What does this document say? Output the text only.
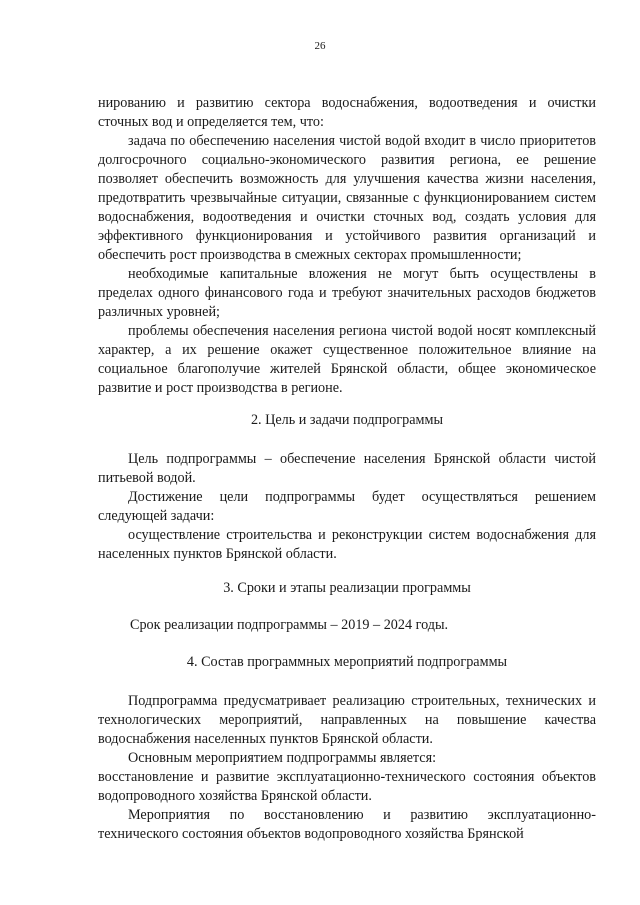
26

нированию и развитию сектора водоснабжения, водоотведения и очистки сточных вод и определяется тем, что:

задача по обеспечению населения чистой водой входит в число приоритетов долгосрочного социально-экономического развития региона, ее решение позволяет обеспечить возможность для улучшения качества жизни населения, предотвратить чрезвычайные ситуации, связанные с функционированием систем водоснабжения, водоотведения и очистки сточных вод, создать условия для эффективного функционирования и устойчивого развития организаций и обеспечить рост производства в смежных секторах промышленности;

необходимые капитальные вложения не могут быть осуществлены в пределах одного финансового года и требуют значительных расходов бюджетов различных уровней;

проблемы обеспечения населения региона чистой водой носят комплексный характер, а их решение окажет существенное положительное влияние на социальное благополучие жителей Брянской области, общее экономическое развитие и рост производства в регионе.

2. Цель и задачи подпрограммы

Цель подпрограммы – обеспечение населения Брянской области чистой питьевой водой.

Достижение цели подпрограммы будет осуществляться решением следующей задачи:

осуществление строительства и реконструкции систем водоснабжения для населенных пунктов Брянской области.

3. Сроки и этапы реализации программы

Срок реализации подпрограммы – 2019 – 2024 годы.

4. Состав программных мероприятий подпрограммы

Подпрограмма предусматривает реализацию строительных, технических и технологических мероприятий, направленных на повышение качества водоснабжения населенных пунктов Брянской области.

Основным мероприятием подпрограммы является:

восстановление и развитие эксплуатационно-технического состояния объектов водопроводного хозяйства Брянской области.

Мероприятия по восстановлению и развитию эксплуатационно-технического состояния объектов водопроводного хозяйства Брянской
